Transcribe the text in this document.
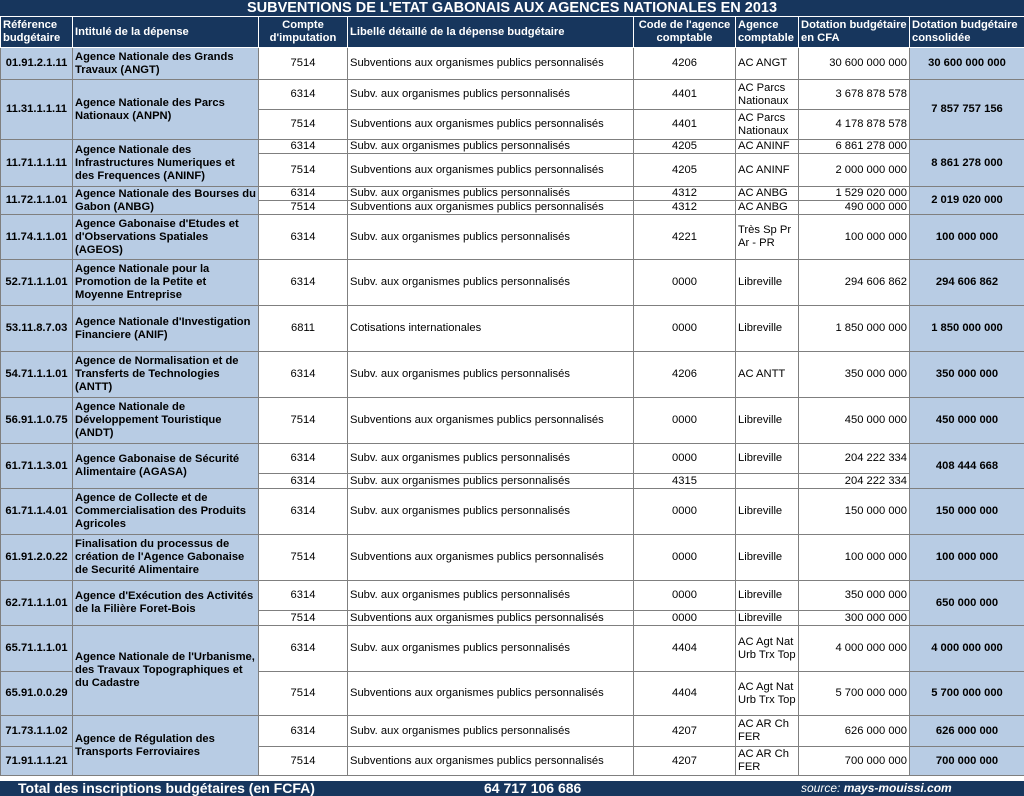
SUBVENTIONS DE L'ETAT GABONAIS AUX AGENCES NATIONALES EN 2013
Référence budgétaire	Intitulé de la dépense	Compte d'imputation	Libellé détaillé de la dépense budgétaire	Code de l'agence comptable	Agence comptable	Dotation budgétaire en CFA	Dotation budgétaire consolidée
01.91.2.1.11	Agence Nationale des Grands Travaux (ANGT)	7514	Subventions aux organismes publics personnalisés	4206	AC ANGT	30 600 000 000	30 600 000 000
11.31.1.1.11	Agence Nationale des Parcs Nationaux (ANPN)	6314	Subv. aux organismes publics personnalisés	4401	AC Parcs Nationaux	3 678 878 578	7 857 757 156
		7514	Subventions aux organismes publics personnalisés	4401	AC Parcs Nationaux	4 178 878 578	
11.71.1.1.11	Agence Nationale des Infrastructures Numeriques et des Frequences (ANINF)	6314	Subv. aux organismes publics personnalisés	4205	AC ANINF	6 861 278 000	8 861 278 000
		7514	Subventions aux organismes publics personnalisés	4205	AC ANINF	2 000 000 000	
11.72.1.1.01	Agence Nationale des Bourses du Gabon (ANBG)	6314	Subv. aux organismes publics personnalisés	4312	AC ANBG	1 529 020 000	2 019 020 000
		7514	Subventions aux organismes publics personnalisés	4312	AC ANBG	490 000 000	
11.74.1.1.01	Agence Gabonaise d'Etudes et d'Observations Spatiales (AGEOS)	6314	Subv. aux organismes publics personnalisés	4221	Très Sp Pr Ar - PR	100 000 000	100 000 000
52.71.1.1.01	Agence Nationale pour la Promotion de la Petite et Moyenne Entreprise	6314	Subv. aux organismes publics personnalisés	0000	Libreville	294 606 862	294 606 862
53.11.8.7.03	Agence Nationale d'Investigation Financiere (ANIF)	6811	Cotisations internationales	0000	Libreville	1 850 000 000	1 850 000 000
54.71.1.1.01	Agence de Normalisation et de Transferts de Technologies (ANTT)	6314	Subv. aux organismes publics personnalisés	4206	AC ANTT	350 000 000	350 000 000
56.91.1.0.75	Agence Nationale de Développement Touristique (ANDT)	7514	Subventions aux organismes publics personnalisés	0000	Libreville	450 000 000	450 000 000
61.71.1.3.01	Agence Gabonaise de Sécurité Alimentaire (AGASA)	6314	Subv. aux organismes publics personnalisés	0000	Libreville	204 222 334	408 444 668
		6314	Subv. aux organismes publics personnalisés	4315		204 222 334	
61.71.1.4.01	Agence de Collecte et de Commercialisation des Produits Agricoles	6314	Subv. aux organismes publics personnalisés	0000	Libreville	150 000 000	150 000 000
61.91.2.0.22	Finalisation du processus de création de l'Agence Gabonaise de Securité Alimentaire	7514	Subventions aux organismes publics personnalisés	0000	Libreville	100 000 000	100 000 000
62.71.1.1.01	Agence d'Exécution des Activités de la Filière Foret-Bois	6314	Subv. aux organismes publics personnalisés	0000	Libreville	350 000 000	650 000 000
		7514	Subventions aux organismes publics personnalisés	0000	Libreville	300 000 000	
65.71.1.1.01	Agence Nationale de l'Urbanisme, des Travaux Topographiques et du Cadastre	6314	Subv. aux organismes publics personnalisés	4404	AC Agt Nat Urb Trx Top	4 000 000 000	4 000 000 000
65.91.0.0.29		7514	Subventions aux organismes publics personnalisés	4404	AC Agt Nat Urb Trx Top	5 700 000 000	5 700 000 000
71.73.1.1.02	Agence de Régulation des Transports Ferroviaires	6314	Subv. aux organismes publics personnalisés	4207	AC AR Ch FER	626 000 000	626 000 000
71.91.1.1.21		7514	Subventions aux organismes publics personnalisés	4207	AC AR Ch FER	700 000 000	700 000 000
Total des inscriptions budgétaires (en FCFA)	64 717 106 686	source: mays-mouissi.com
